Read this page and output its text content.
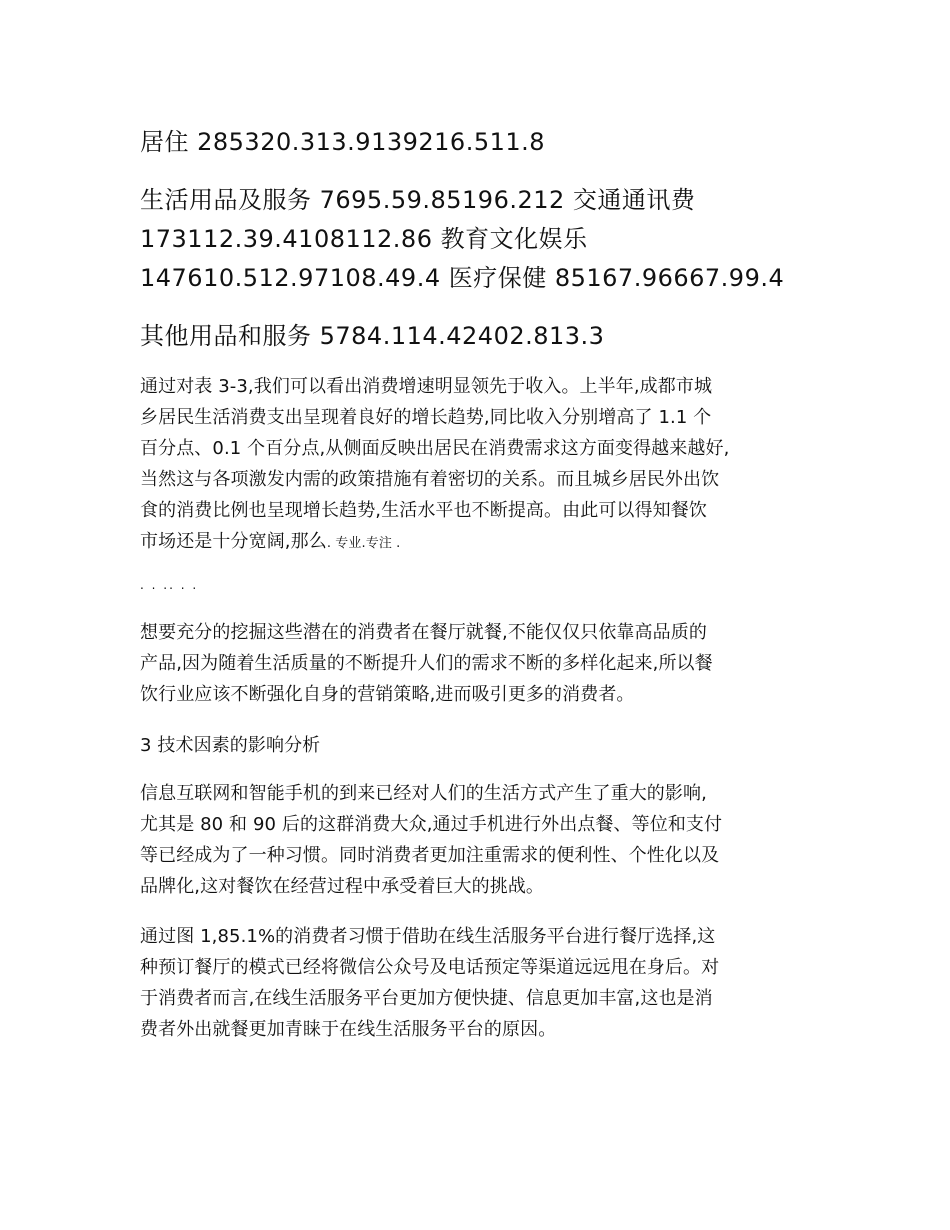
居住 285320.313.9139216.511.8

生活用品及服务 7695.59.85196.212 交通通讯费

173112.39.4108112.86 教育文化娱乐

147610.512.97108.49.4 医疗保健 85167.96667.99.4

其他用品和服务 5784.114.42402.813.3

通过对表 3-3,我们可以看出消费增速明显领先于收入。上半年,成都市城

乡居民生活消费支出呈现着良好的增长趋势,同比收入分别增高了 1.1 个

百分点、0.1 个百分点,从侧面反映出居民在消费需求这方面变得越来越好,

当然这与各项激发内需的政策措施有着密切的关系。而且城乡居民外出饮

食的消费比例也呈现增长趋势,生活水平也不断提高。由此可以得知餐饮

市场还是十分宽阔,那么. 专业.专注 .

. . .. . .

想要充分的挖掘这些潜在的消费者在餐厅就餐,不能仅仅只依靠高品质的

产品,因为随着生活质量的不断提升人们的需求不断的多样化起来,所以餐

饮行业应该不断强化自身的营销策略,进而吸引更多的消费者。

3 技术因素的影响分析

信息互联网和智能手机的到来已经对人们的生活方式产生了重大的影响,

尤其是 80 和 90 后的这群消费大众,通过手机进行外出点餐、等位和支付

等已经成为了一种习惯。同时消费者更加注重需求的便利性、个性化以及

品牌化,这对餐饮在经营过程中承受着巨大的挑战。

通过图 1,85.1%的消费者习惯于借助在线生活服务平台进行餐厅选择,这

种预订餐厅的模式已经将微信公众号及电话预定等渠道远远甩在身后。对

于消费者而言,在线生活服务平台更加方便快捷、信息更加丰富,这也是消

费者外出就餐更加青睐于在线生活服务平台的原因。
